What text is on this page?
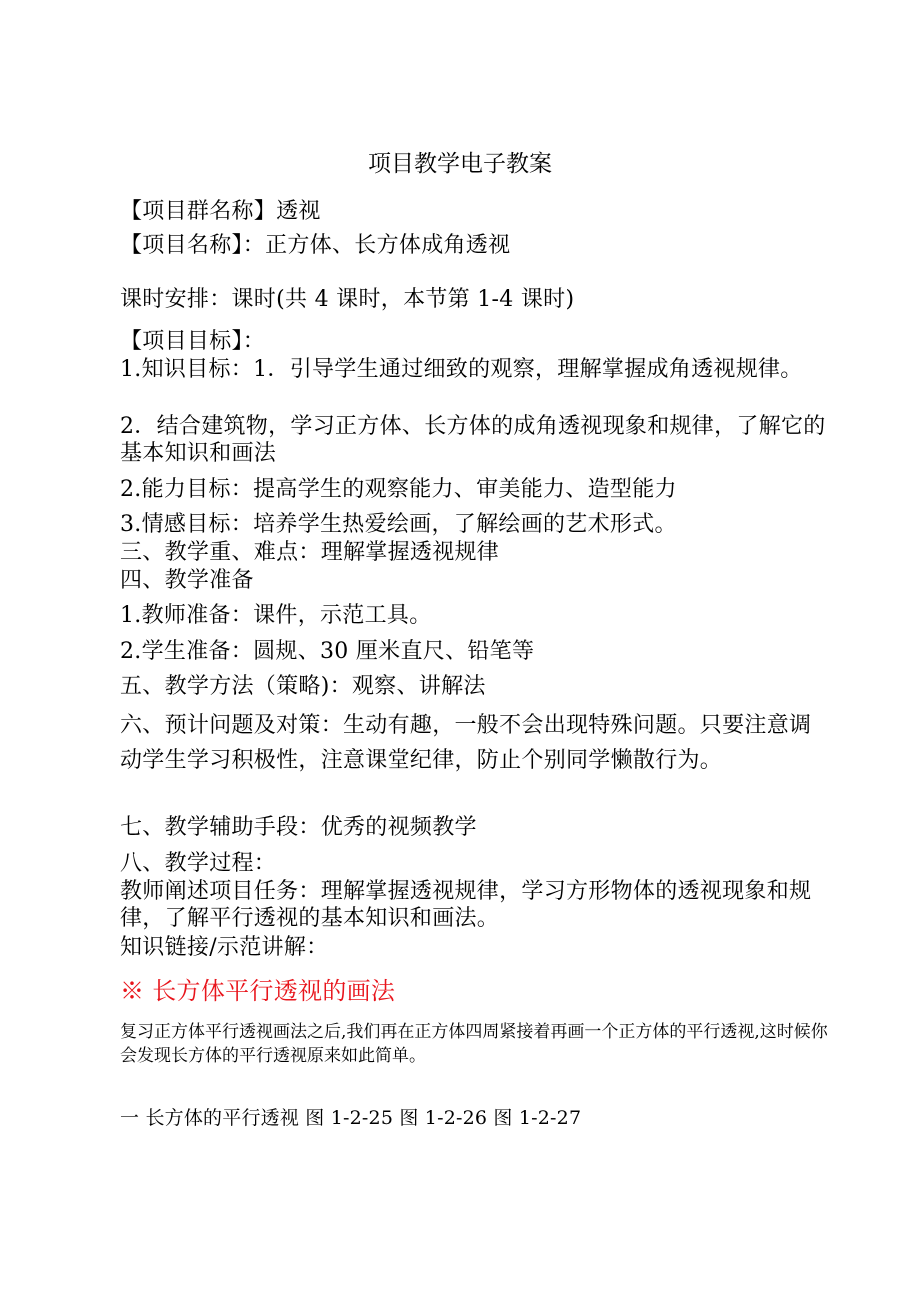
项目教学电子教案

【项目群名称】透视

【项目名称】：正方体、长方体成角透视

课时安排：课时(共 4 课时，本节第 1-4 课时)

【项目目标】：

1.知识目标：1．引导学生通过细致的观察，理解掌握成角透视规律。

2．结合建筑物，学习正方体、长方体的成角透视现象和规律，了解它的基本知识和画法

2.能力目标：提高学生的观察能力、审美能力、造型能力

3.情感目标：培养学生热爱绘画，了解绘画的艺术形式。

三、教学重、难点：理解掌握透视规律

四、教学准备

1.教师准备：课件，示范工具。

2.学生准备：圆规、30 厘米直尺、铅笔等

五、教学方法（策略)：观察、讲解法

六、预计问题及对策：生动有趣，一般不会出现特殊问题。只要注意调动学生学习积极性，注意课堂纪律，防止个别同学懒散行为。

七、教学辅助手段：优秀的视频教学

八、教学过程：

教师阐述项目任务：理解掌握透视规律，学习方形物体的透视现象和规律，了解平行透视的基本知识和画法。

知识链接/示范讲解：

※ 长方体平行透视的画法

复习正方体平行透视画法之后,我们再在正方体四周紧接着再画一个正方体的平行透视,这时候你会发现长方体的平行透视原来如此简单。

一 长方体的平行透视 图 1-2-25 图 1-2-26 图 1-2-27
